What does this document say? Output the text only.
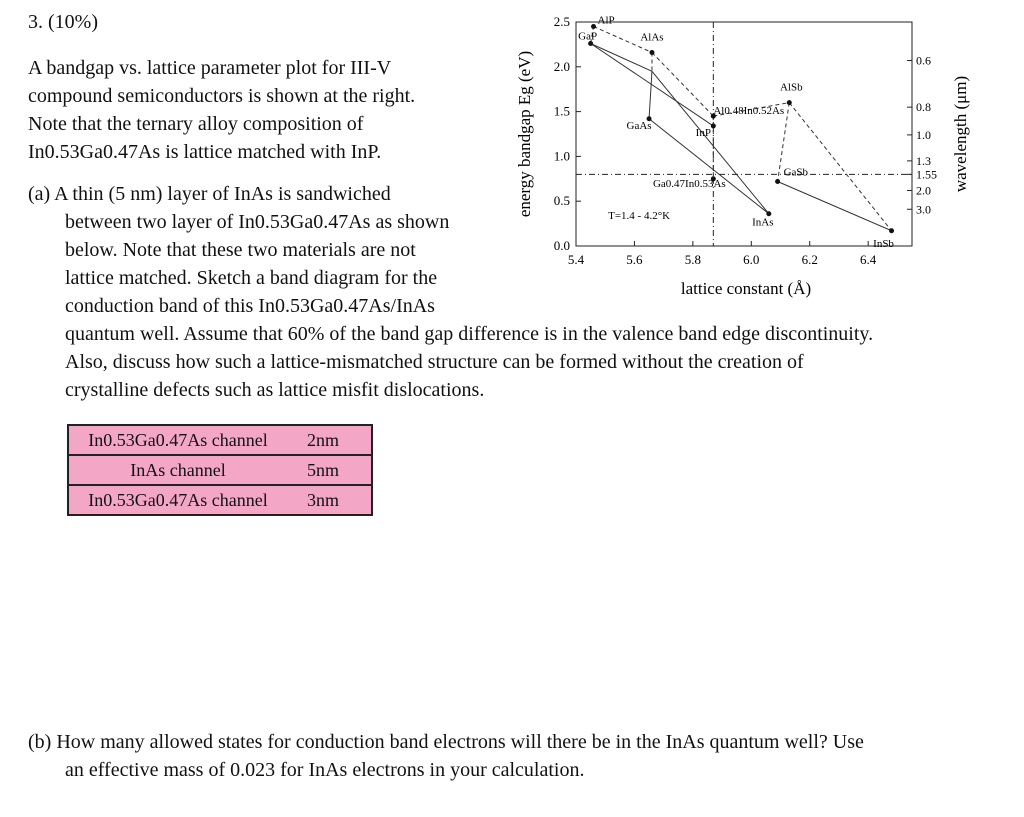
3. (10%)
A bandgap vs. lattice parameter plot for III-V
compound semiconductors is shown at the right.
Note that the ternary alloy composition of
In0.53Ga0.47As is lattice matched with InP.
(a) A thin (5 nm) layer of InAs is sandwiched
between two layer of In0.53Ga0.47As as shown
below. Note that these two materials are not
lattice matched. Sketch a band diagram for the
conduction band of this In0.53Ga0.47As/InAs
quantum well. Assume that 60% of the band gap difference is in the valence band edge discontinuity.
Also, discuss how such a lattice-mismatched structure can be formed without the creation of
crystalline defects such as lattice misfit dislocations.
In0.53Ga0.47As channel	2nm
InAs channel	5nm
In0.53Ga0.47As channel	3nm
(b) How many allowed states for conduction band electrons will there be in the InAs quantum well? Use
an effective mass of 0.023 for InAs electrons in your calculation.
5.4	5.6	5.8	6.0	6.2	6.4
0.0
0.5
1.0
1.5
2.0
2.5
0.6
0.8
1.0
1.3
1.55
2.0
3.0
lattice constant (Å)
energy bandgap Eg (eV)	wavelength (μm)
AlP
GaP	AlAs
GaAs
InP
Al0.48In0.52As
AlSb
Ga0.47In0.53As
GaSb
InAs
InSb
T=1.4 - 4.2°K
